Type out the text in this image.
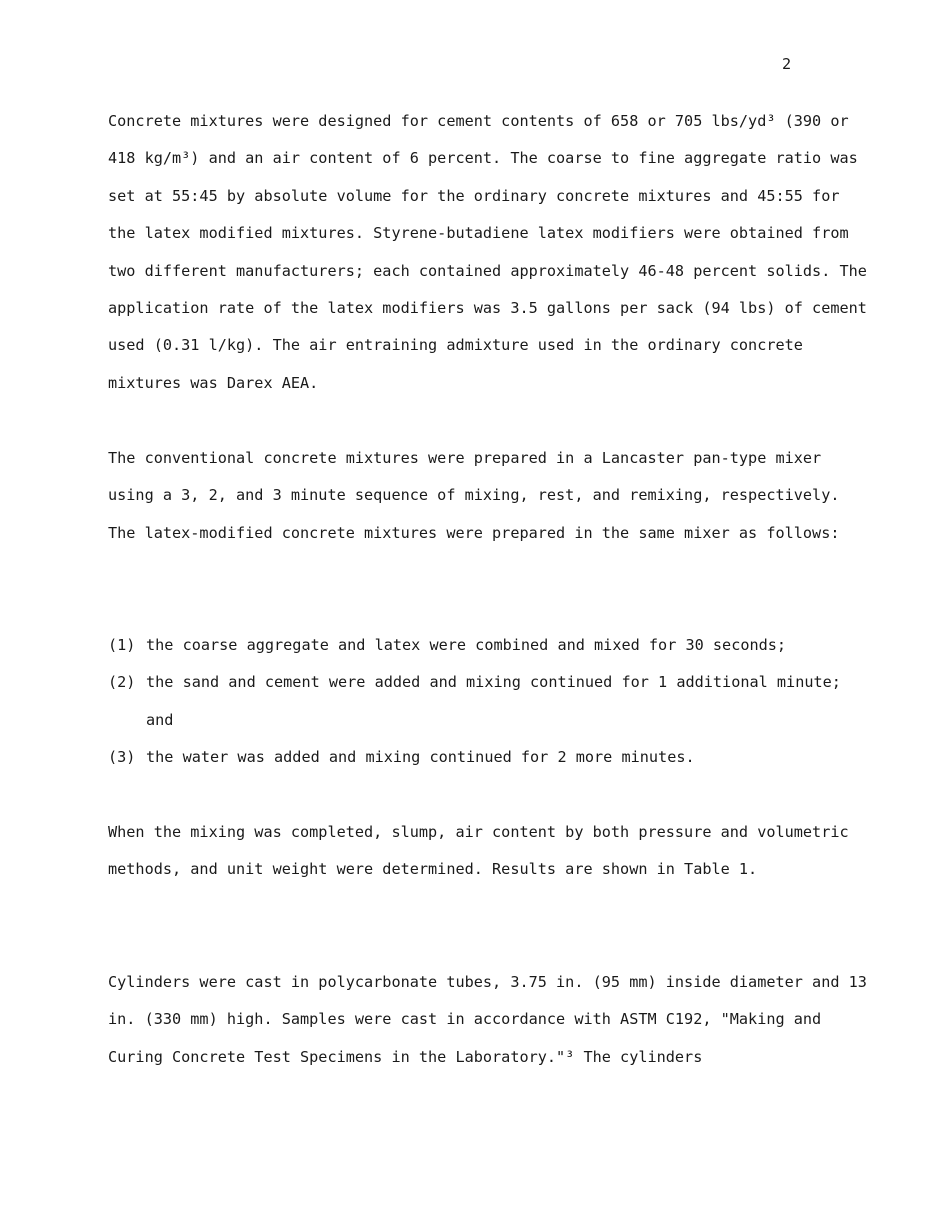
2

Concrete mixtures were designed for cement contents of 658 or 705 lbs/yd³ (390 or 418 kg/m³) and an air content of 6 percent. The coarse to fine aggregate ratio was set at 55:45 by absolute volume for the ordinary concrete mixtures and 45:55 for the latex modified mixtures. Styrene-butadiene latex modifiers were obtained from two different manufacturers; each contained approximately 46-48 percent solids. The application rate of the latex modifiers was 3.5 gallons per sack (94 lbs) of cement used (0.31 l/kg). The air entraining admixture used in the ordinary concrete mixtures was Darex AEA.

The conventional concrete mixtures were prepared in a Lancaster pan-type mixer using a 3, 2, and 3 minute sequence of mixing, rest, and remixing, respectively. The latex-modified concrete mixtures were prepared in the same mixer as follows:

(1) the coarse aggregate and latex were combined and mixed for 30 seconds;
(2) the sand and cement were added and mixing continued for 1 additional minute; and
(3) the water was added and mixing continued for 2 more minutes.

When the mixing was completed, slump, air content by both pressure and volumetric methods, and unit weight were determined. Results are shown in Table 1.

Cylinders were cast in polycarbonate tubes, 3.75 in. (95 mm) inside diameter and 13 in. (330 mm) high. Samples were cast in accordance with ASTM C192, "Making and Curing Concrete Test Specimens in the Laboratory."³ The cylinders
